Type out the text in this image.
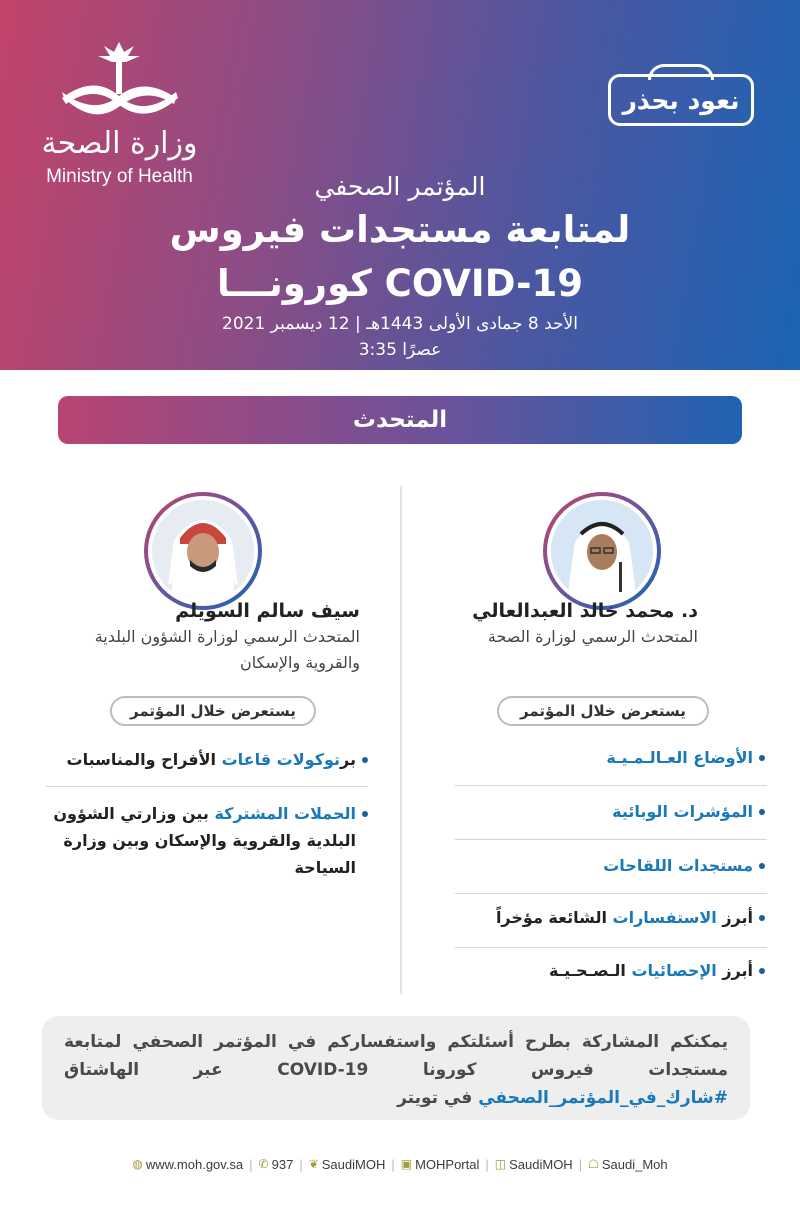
وزارة الصحة
Ministry of Health
نعود بحذر
المؤتمر الصحفي
لمتابعة مستجدات فيروس
كورونـــا COVID-19
الأحد 8 جمادى الأولى 1443هـ | 12 ديسمبر 2021
3:35 عصرًا
المتحدث
د. محمد خالد العبدالعالي
المتحدث الرسمي لوزارة الصحة
يستعرض خلال المؤتمر
الأوضاع العـالـمـيـة
المؤشرات الوبائية
مستجدات اللقاحات
أبرز الاستفسارات الشائعة مؤخراً
أبرز الإحصائيات الـصـحـيـة
سيف سالم السويلم
المتحدث الرسمي لوزارة الشؤون البلدية
والقروية والإسكان
يستعرض خلال المؤتمر
برتوكولات قاعات الأفراح والمناسبات
الحملات المشتركة بين وزارتي الشؤون البلدية والقروية والإسكان وبين وزارة السياحة
يمكنكم المشاركة بطرح أسئلتكم واستفساركم في المؤتمر الصحفي لمتابعة مستجدات فيروس كورونا COVID-19 عبر الهاشتاق #شارك_في_المؤتمر_الصحفي في تويتر
◍ www.moh.gov.sa | ✆ 937 | ❦ SaudiMOH | ▣ MOHPortal | ◫ SaudiMOH | ☖ Saudi_Moh
